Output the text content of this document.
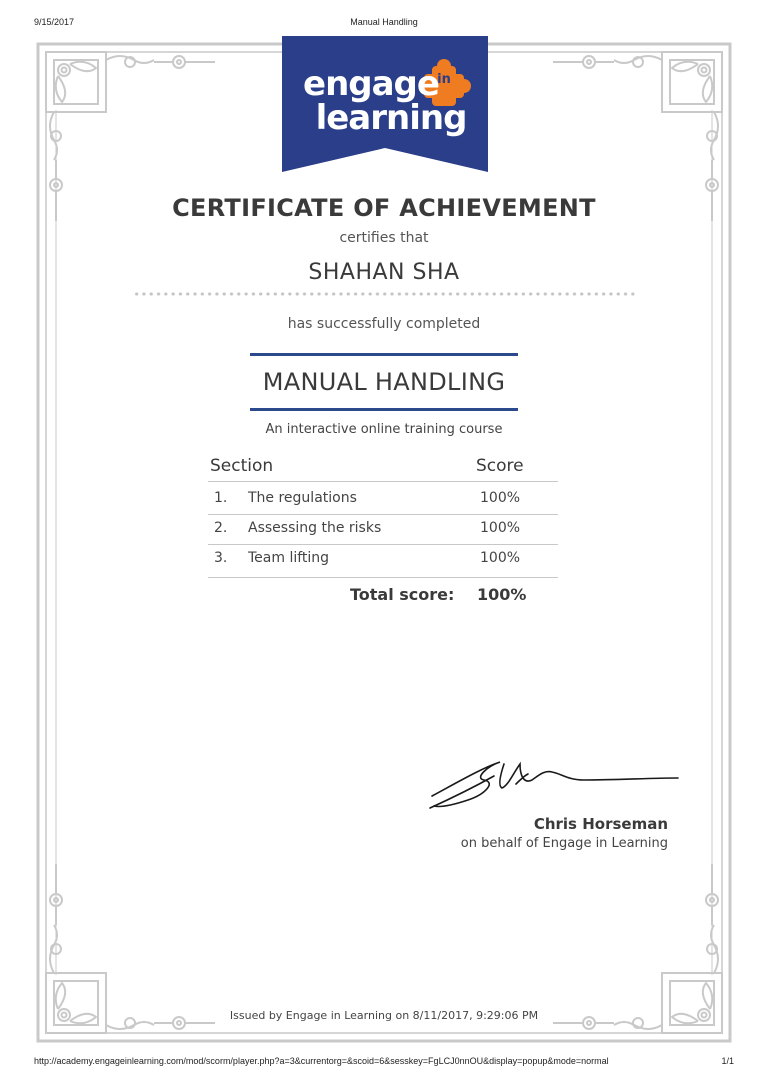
9/15/2017	Manual Handling
engage
in
learning
CERTIFICATE OF ACHIEVEMENT
certifies that
SHAHAN SHA
has successfully completed
MANUAL HANDLING
An interactive online training course
Section	Score
1. The regulations	100%
2. Assessing the risks	100%
3. Team lifting	100%
Total score: 100%
Chris Horseman
on behalf of Engage in Learning
Issued by Engage in Learning on 8/11/2017, 9:29:06 PM
http://academy.engageinlearning.com/mod/scorm/player.php?a=3&currentorg=&scoid=6&sesskey=FgLCJ0nnOU&display=popup&mode=normal	1/1
